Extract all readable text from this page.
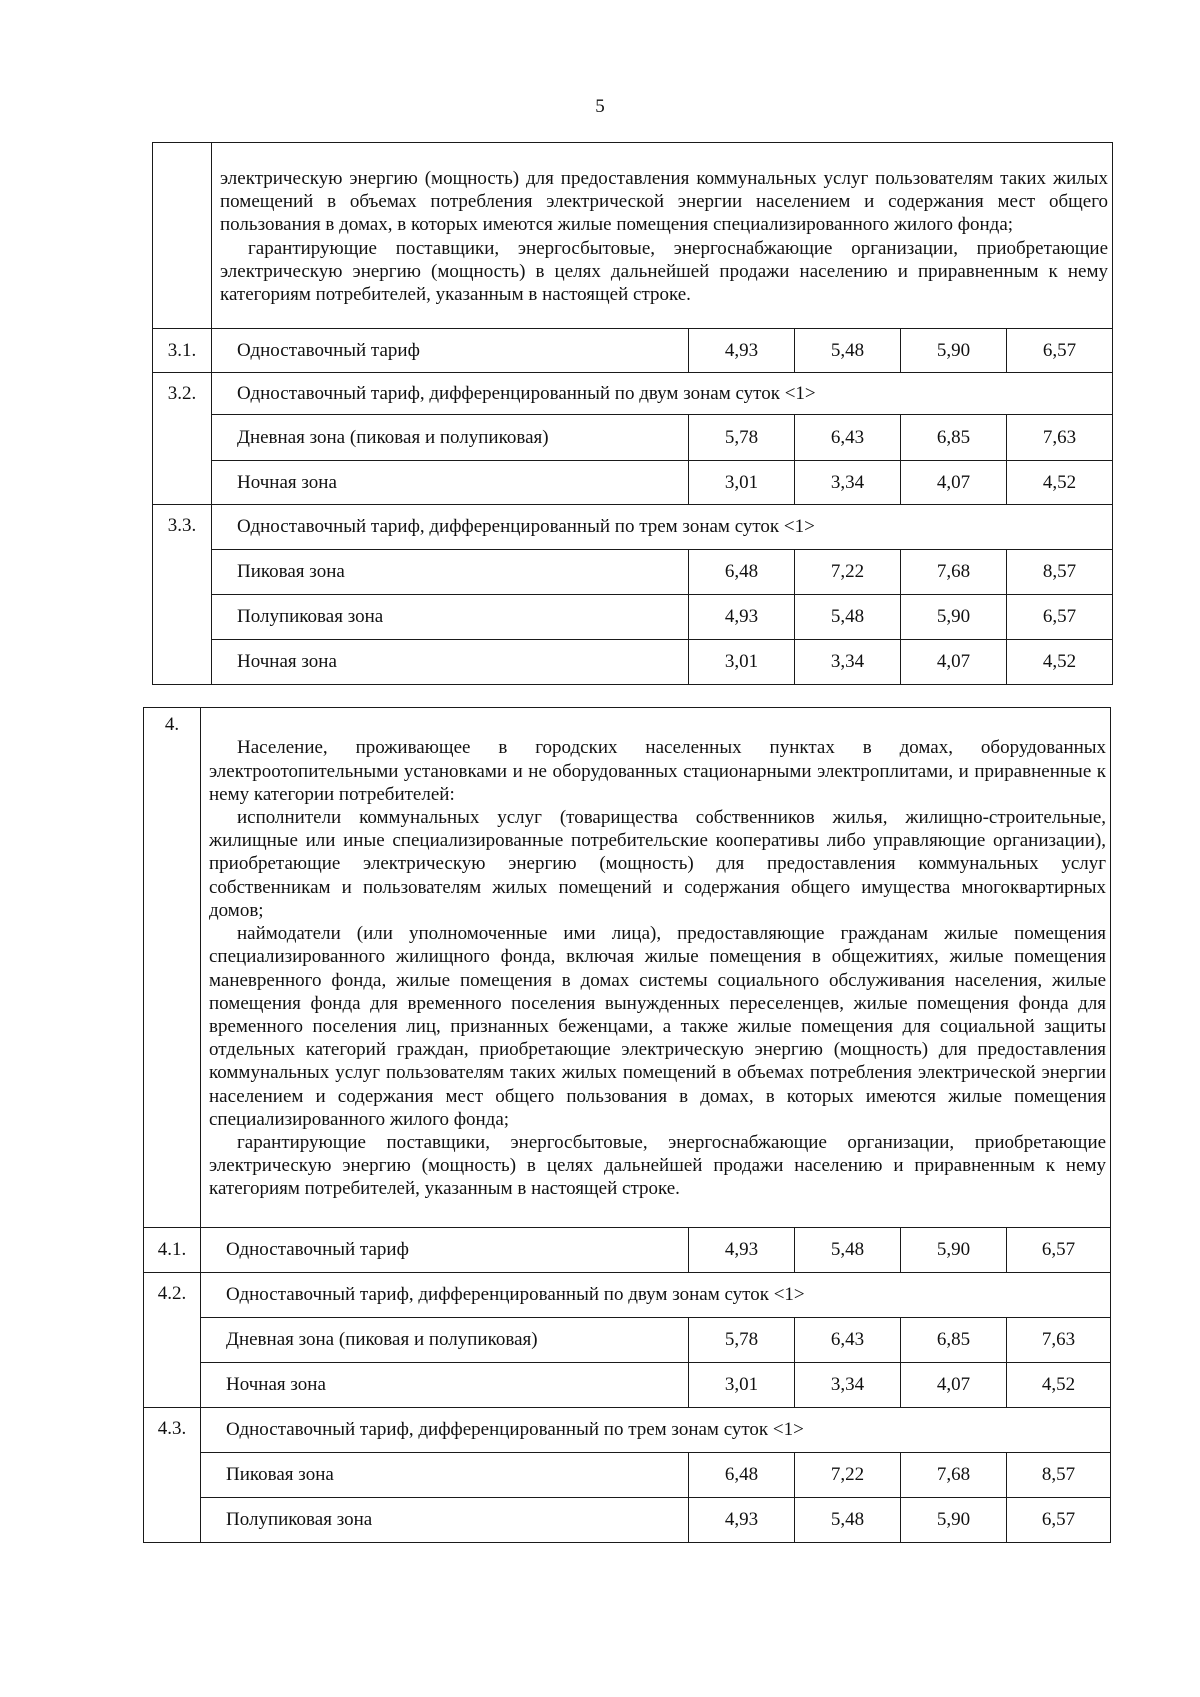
5

	электрическую энергию (мощность) для предоставления коммунальных услуг пользователям таких жилых помещений в объемах потребления электрической энергии населением и содержания мест общего пользования в домах, в которых имеются жилые помещения специализированного жилого фонда;

гарантирующие поставщики, энергосбытовые, энергоснабжающие организации, приобретающие электрическую энергию (мощность) в целях дальнейшей продажи населению и приравненным к нему категориям потребителей, указанным в настоящей строке.				

3.1.	Одноставочный тариф	4,93	5,48	5,90	6,57
3.2.	Одноставочный тариф, дифференцированный по двум зонам суток <1>				
	Дневная зона (пиковая и полупиковая)	5,78	6,43	6,85	7,63
	Ночная зона	3,01	3,34	4,07	4,52
3.3.	Одноставочный тариф, дифференцированный по трем зонам суток <1>				
	Пиковая зона	6,48	7,22	7,68	8,57
	Полупиковая зона	4,93	5,48	5,90	6,57
	Ночная зона	3,01	3,34	4,07	4,52
4.	Население, проживающее в городских населенных пунктах в домах, оборудованных электроотопительными установками и не оборудованных стационарными электроплитами, и приравненные к нему категории потребителей:

исполнители коммунальных услуг (товарищества собственников жилья, жилищно-строительные, жилищные или иные специализированные потребительские кооперативы либо управляющие организации), приобретающие электрическую энергию (мощность) для предоставления коммунальных услуг собственникам и пользователям жилых помещений и содержания общего имущества многоквартирных домов;

наймодатели (или уполномоченные ими лица), предоставляющие гражданам жилые помещения специализированного жилищного фонда, включая жилые помещения в общежитиях, жилые помещения маневренного фонда, жилые помещения в домах системы социального обслуживания населения, жилые помещения фонда для временного поселения вынужденных переселенцев, жилые помещения фонда для временного поселения лиц, признанных беженцами, а также жилые помещения для социальной защиты отдельных категорий граждан, приобретающие электрическую энергию (мощность) для предоставления коммунальных услуг пользователям таких жилых помещений в объемах потребления электрической энергии населением и содержания мест общего пользования в домах, в которых имеются жилые помещения специализированного жилого фонда;

гарантирующие поставщики, энергосбытовые, энергоснабжающие организации, приобретающие электрическую энергию (мощность) в целях дальнейшей продажи населению и приравненным к нему категориям потребителей, указанным в настоящей строке.				

4.1.	Одноставочный тариф	4,93	5,48	5,90	6,57
4.2.	Одноставочный тариф, дифференцированный по двум зонам суток <1>				
	Дневная зона (пиковая и полупиковая)	5,78	6,43	6,85	7,63
	Ночная зона	3,01	3,34	4,07	4,52
4.3.	Одноставочный тариф, дифференцированный по трем зонам суток <1>				
	Пиковая зона	6,48	7,22	7,68	8,57
	Полупиковая зона	4,93	5,48	5,90	6,57
